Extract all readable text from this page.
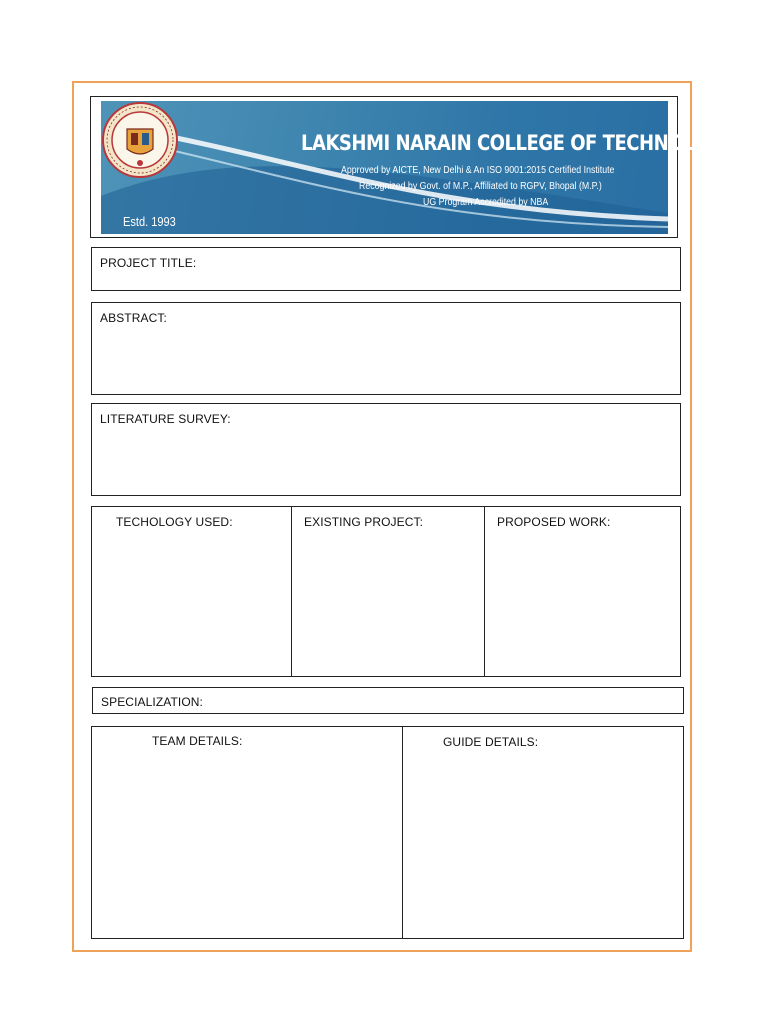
Estd. 1993
LAKSHMI NARAIN COLLEGE OF TECHNOLOGY
Approved by AICTE, New Delhi & An ISO 9001:2015 Certified Institute
Recognized by Govt. of M.P., Affiliated to RGPV, Bhopal (M.P.)
UG Program Accredited by NBA
PROJECT TITLE:
ABSTRACT:
LITERATURE SURVEY:
TECHOLOGY USED:	EXISTING PROJECT:	PROPOSED WORK:
SPECIALIZATION:
TEAM DETAILS:	GUIDE DETAILS:
